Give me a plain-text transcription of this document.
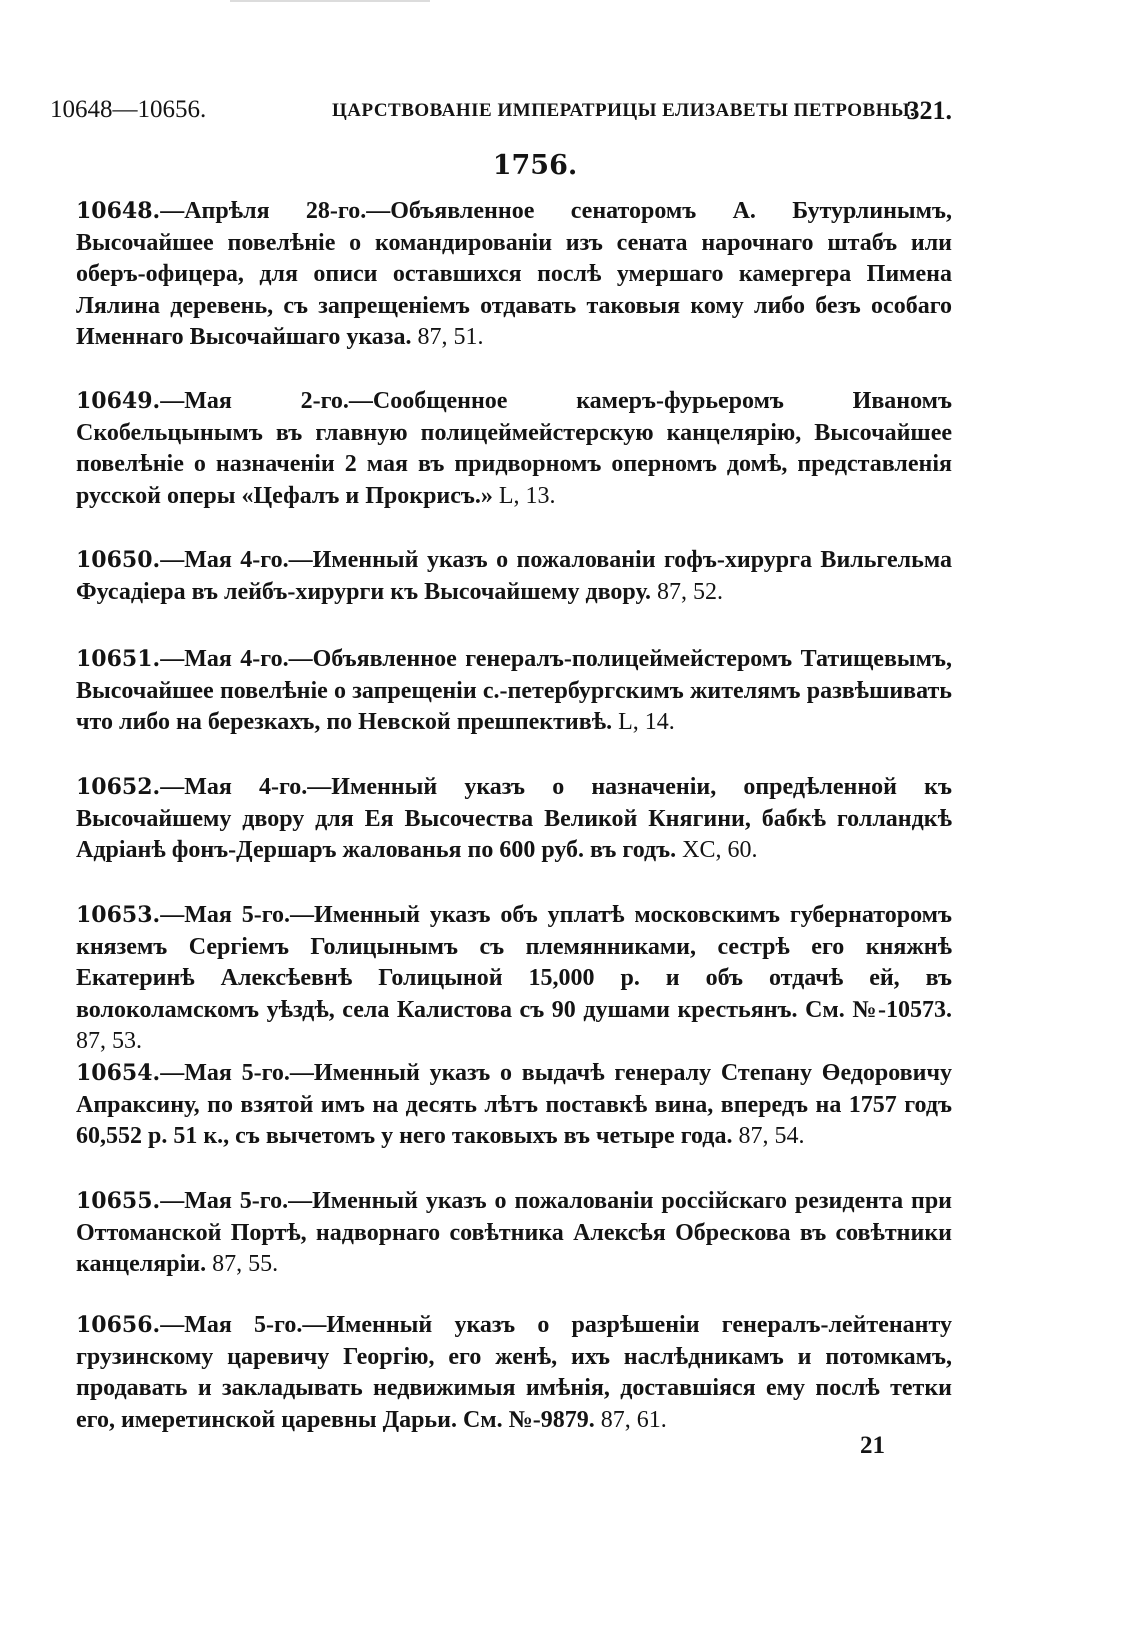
10648—10656.	ЦАРСТВОВАНІЕ ИМПЕРАТРИЦЫ ЕЛИЗАВЕТЫ ПЕТРОВНЫ.
321.
1756.
10648.—Апрѣля 28-го.—Объявленное сенаторомъ А. Бутурлинымъ, Высочайшее повелѣніе о командированіи изъ сената нарочнаго штабъ или оберъ-офицера, для описи оставшихся послѣ умершаго камергера Пимена Лялина деревень, съ запрещеніемъ отдавать таковыя кому либо безъ особаго Именнаго Высочайшаго указа. 87, 51.
10649.—Мая 2-го.—Сообщенное камеръ-фурьеромъ Иваномъ Скобельцынымъ въ главную полицеймейстерскую канцелярію, Высочайшее повелѣніе о назначеніи 2 мая въ придворномъ оперномъ домѣ, представленія русской оперы «Цефалъ и Прокрисъ.» L, 13.
10650.—Мая 4-го.—Именный указъ о пожалованіи гофъ-хирурга Вильгельма Фусадіера въ лейбъ-хирурги къ Высочайшему двору. 87, 52.
10651.—Мая 4-го.—Объявленное генералъ-полицеймейстеромъ Татищевымъ, Высочайшее повелѣніе о запрещеніи с.-петербургскимъ жителямъ развѣшивать что либо на березкахъ, по Невской прешпективѣ. L, 14.
10652.—Мая 4-го.—Именный указъ о назначеніи, опредѣленной къ Высочайшему двору для Ея Высочества Великой Княгини, бабкѣ голландкѣ Адріанѣ фонъ-Дершаръ жалованья по 600 руб. въ годъ. XC, 60.
10653.—Мая 5-го.—Именный указъ объ уплатѣ московскимъ губернаторомъ княземъ Сергіемъ Голицынымъ съ племянниками, сестрѣ его княжнѣ Екатеринѣ Алексѣевнѣ Голицыной 15,000 р. и объ отдачѣ ей, въ волоколамскомъ уѣздѣ, села Калистова съ 90 душами крестьянъ. См. №-10573. 87, 53.
10654.—Мая 5-го.—Именный указъ о выдачѣ генералу Степану Өедоровичу Апраксину, по взятой имъ на десять лѣтъ поставкѣ вина, впередъ на 1757 годъ 60,552 р. 51 к., съ вычетомъ у него таковыхъ въ четыре года. 87, 54.
10655.—Мая 5-го.—Именный указъ о пожалованіи россійскаго резидента при Оттоманской Портѣ, надворнаго совѣтника Алексѣя Обрескова въ совѣтники канцеляріи. 87, 55.
10656.—Мая 5-го.—Именный указъ о разрѣшеніи генералъ-лейтенанту грузинскому царевичу Георгію, его женѣ, ихъ наслѣдникамъ и потомкамъ, продавать и закладывать недвижимыя имѣнія, доставшіяся ему послѣ тетки его, имеретинской царевны Дарьи. См. №-9879. 87, 61.
21
